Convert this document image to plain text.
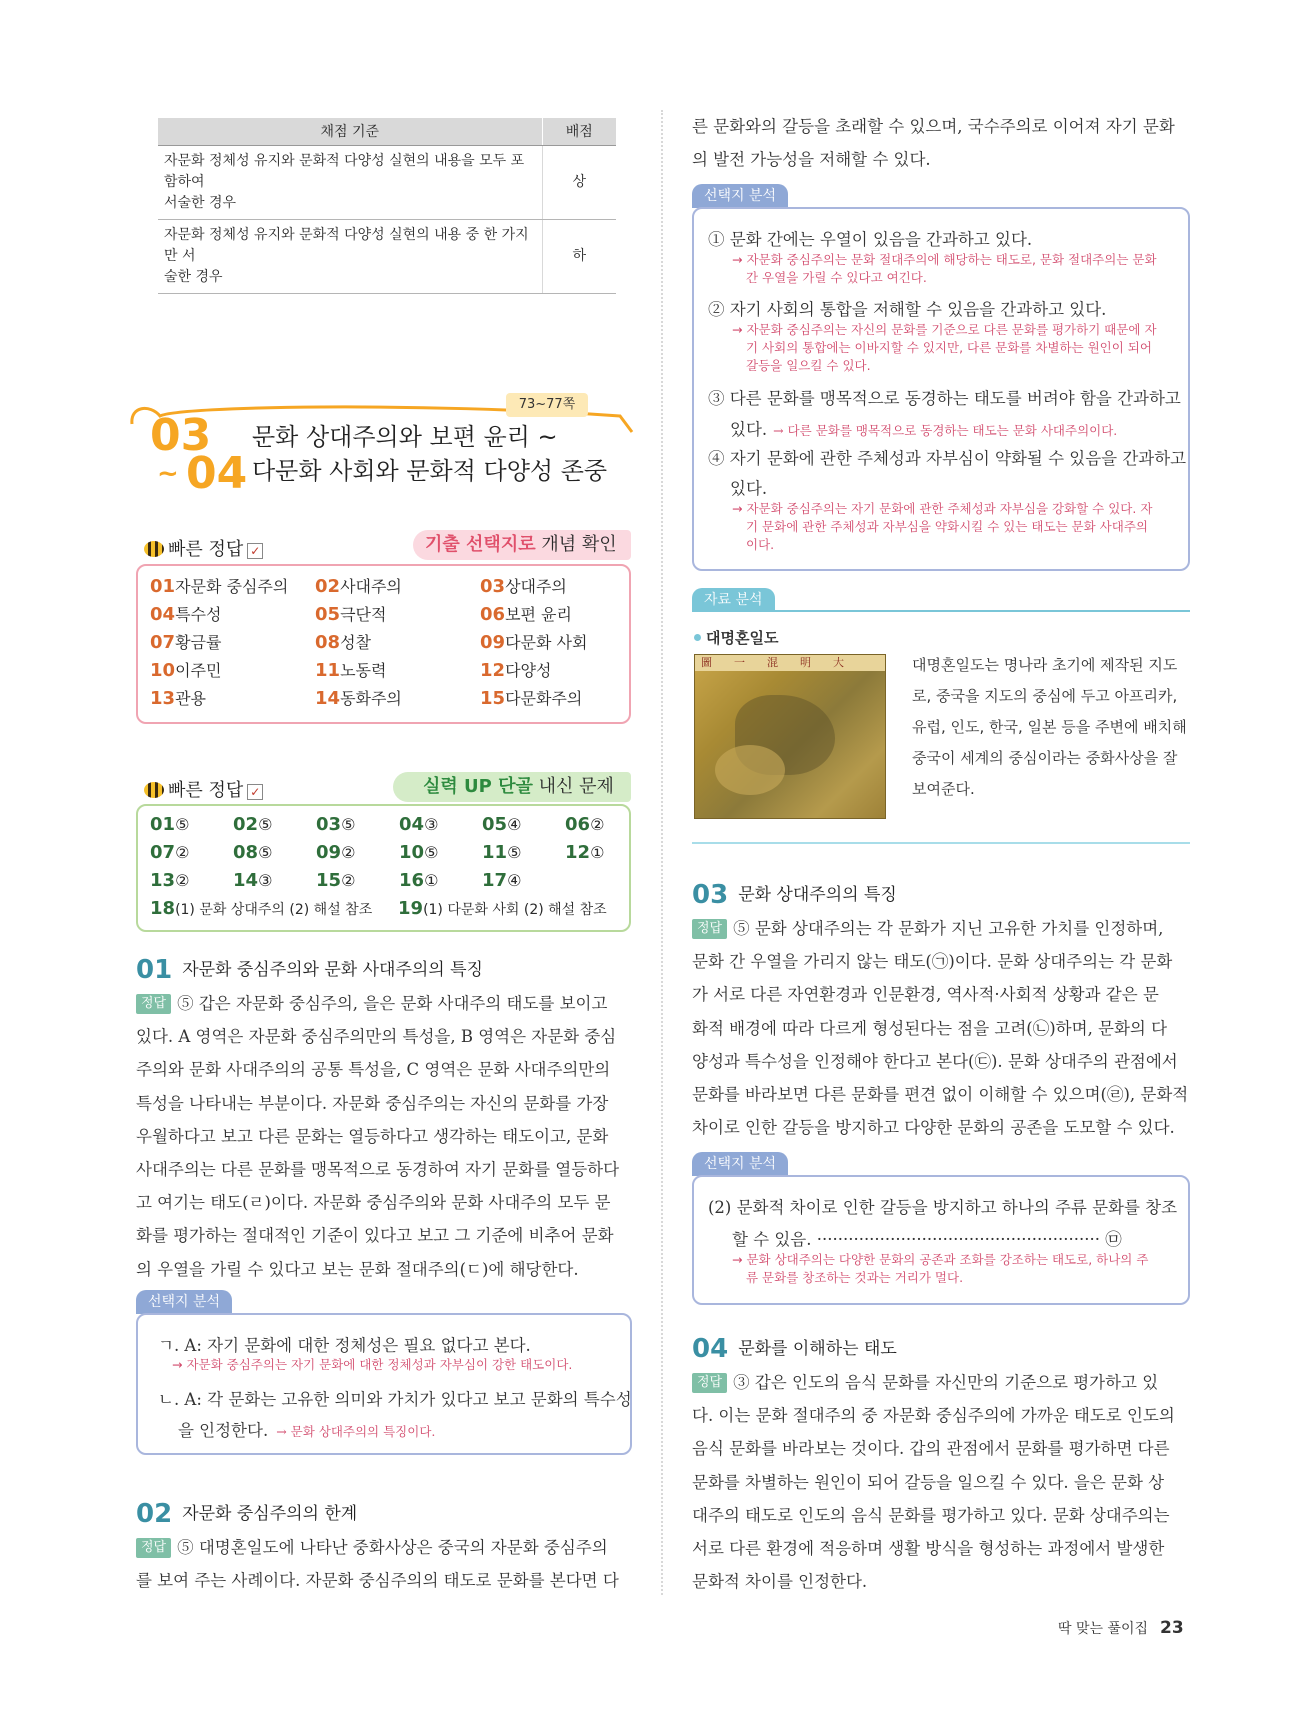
채점 기준	배점
자문화 정체성 유지와 문화적 다양성 실현의 내용을 모두 포함하여
서술한 경우	상
자문화 정체성 유지와 문화적 다양성 실현의 내용 중 한 가지만 서
술한 경우	하
73~77쪽
03
~ 04
문화 상대주의와 보편 윤리 ~
다문화 사회와 문화적 다양성 존중
빠른 정답 ✓	기출 선택지로 개념 확인
빠른 정답 ✓	실력 UP 단골 내신 문제
01 자문화 중심주의와 문화 사대주의의 특징
정답 ⑤ 갑은 자문화 중심주의, 을은 문화 사대주의 태도를 보이고
있다. A 영역은 자문화 중심주의만의 특성을, B 영역은 자문화 중심
주의와 문화 사대주의의 공통 특성을, C 영역은 문화 사대주의만의
특성을 나타내는 부분이다. 자문화 중심주의는 자신의 문화를 가장
우월하다고 보고 다른 문화는 열등하다고 생각하는 태도이고, 문화
사대주의는 다른 문화를 맹목적으로 동경하여 자기 문화를 열등하다
고 여기는 태도(ㄹ)이다. 자문화 중심주의와 문화 사대주의 모두 문
화를 평가하는 절대적인 기준이 있다고 보고 그 기준에 비추어 문화
의 우열을 가릴 수 있다고 보는 문화 절대주의(ㄷ)에 해당한다.
선택지 분석
ㄱ. A: 자기 문화에 대한 정체성은 필요 없다고 본다.
→ 자문화 중심주의는 자기 문화에 대한 정체성과 자부심이 강한 태도이다.
ㄴ. A: 각 문화는 고유한 의미와 가치가 있다고 보고 문화의 특수성
을 인정한다. → 문화 상대주의의 특징이다.
02 자문화 중심주의의 한계
정답 ⑤ 대명혼일도에 나타난 중화사상은 중국의 자문화 중심주의
를 보여 주는 사례이다. 자문화 중심주의의 태도로 문화를 본다면 다
른 문화와의 갈등을 초래할 수 있으며, 국수주의로 이어져 자기 문화
의 발전 가능성을 저해할 수 있다.
선택지 분석
① 문화 간에는 우열이 있음을 간과하고 있다.
→ 자문화 중심주의는 문화 절대주의에 해당하는 태도로, 문화 절대주의는 문화
간 우열을 가릴 수 있다고 여긴다.
② 자기 사회의 통합을 저해할 수 있음을 간과하고 있다.
→ 자문화 중심주의는 자신의 문화를 기준으로 다른 문화를 평가하기 때문에 자
기 사회의 통합에는 이바지할 수 있지만, 다른 문화를 차별하는 원인이 되어
갈등을 일으킬 수 있다.
③ 다른 문화를 맹목적으로 동경하는 태도를 버려야 함을 간과하고
있다. → 다른 문화를 맹목적으로 동경하는 태도는 문화 사대주의이다.
④ 자기 문화에 관한 주체성과 자부심이 약화될 수 있음을 간과하고
있다.
→ 자문화 중심주의는 자기 문화에 관한 주체성과 자부심을 강화할 수 있다. 자
기 문화에 관한 주체성과 자부심을 약화시킬 수 있는 태도는 문화 사대주의
이다.
자료 분석
대명혼일도
圖一混明大	대명혼일도는 명나라 초기에 제작된 지도로, 중국을 지도의 중심에 두고 아프리카, 유럽, 인도, 한국, 일본 등을 주변에 배치해 중국이 세계의 중심이라는 중화사상을 잘 보여준다.
03 문화 상대주의의 특징
정답 ⑤ 문화 상대주의는 각 문화가 지닌 고유한 가치를 인정하며,
문화 간 우열을 가리지 않는 태도(㉠)이다. 문화 상대주의는 각 문화
가 서로 다른 자연환경과 인문환경, 역사적·사회적 상황과 같은 문
화적 배경에 따라 다르게 형성된다는 점을 고려(㉡)하며, 문화의 다
양성과 특수성을 인정해야 한다고 본다(㉢). 문화 상대주의 관점에서
문화를 바라보면 다른 문화를 편견 없이 이해할 수 있으며(㉣), 문화적
차이로 인한 갈등을 방지하고 다양한 문화의 공존을 도모할 수 있다.
선택지 분석
(2) 문화적 차이로 인한 갈등을 방지하고 하나의 주류 문화를 창조
할 수 있음. ······················································ ㉤
→ 문화 상대주의는 다양한 문화의 공존과 조화를 강조하는 태도로, 하나의 주
류 문화를 창조하는 것과는 거리가 멀다.
04 문화를 이해하는 태도
정답 ③ 갑은 인도의 음식 문화를 자신만의 기준으로 평가하고 있
다. 이는 문화 절대주의 중 자문화 중심주의에 가까운 태도로 인도의
음식 문화를 바라보는 것이다. 갑의 관점에서 문화를 평가하면 다른
문화를 차별하는 원인이 되어 갈등을 일으킬 수 있다. 을은 문화 상
대주의 태도로 인도의 음식 문화를 평가하고 있다. 문화 상대주의는
서로 다른 환경에 적응하며 생활 방식을 형성하는 과정에서 발생한
문화적 차이를 인정한다.
딱 맞는 풀이집 23
01자문화 중심주의 02사대주의	03상대주의
04특수성	05극단적	06보편 윤리
07황금률	08성찰	09다문화 사회
10이주민	11노동력	12다양성
13관용	14동화주의	15다문화주의
01⑤ 02⑤ 03⑤ 04③ 05④ 06②
07② 08⑤ 09② 10⑤ 11⑤ 12①
13② 14③ 15② 16① 17④
18(1) 문화 상대주의 (2) 해설 참조 19(1) 다문화 사회 (2) 해설 참조
